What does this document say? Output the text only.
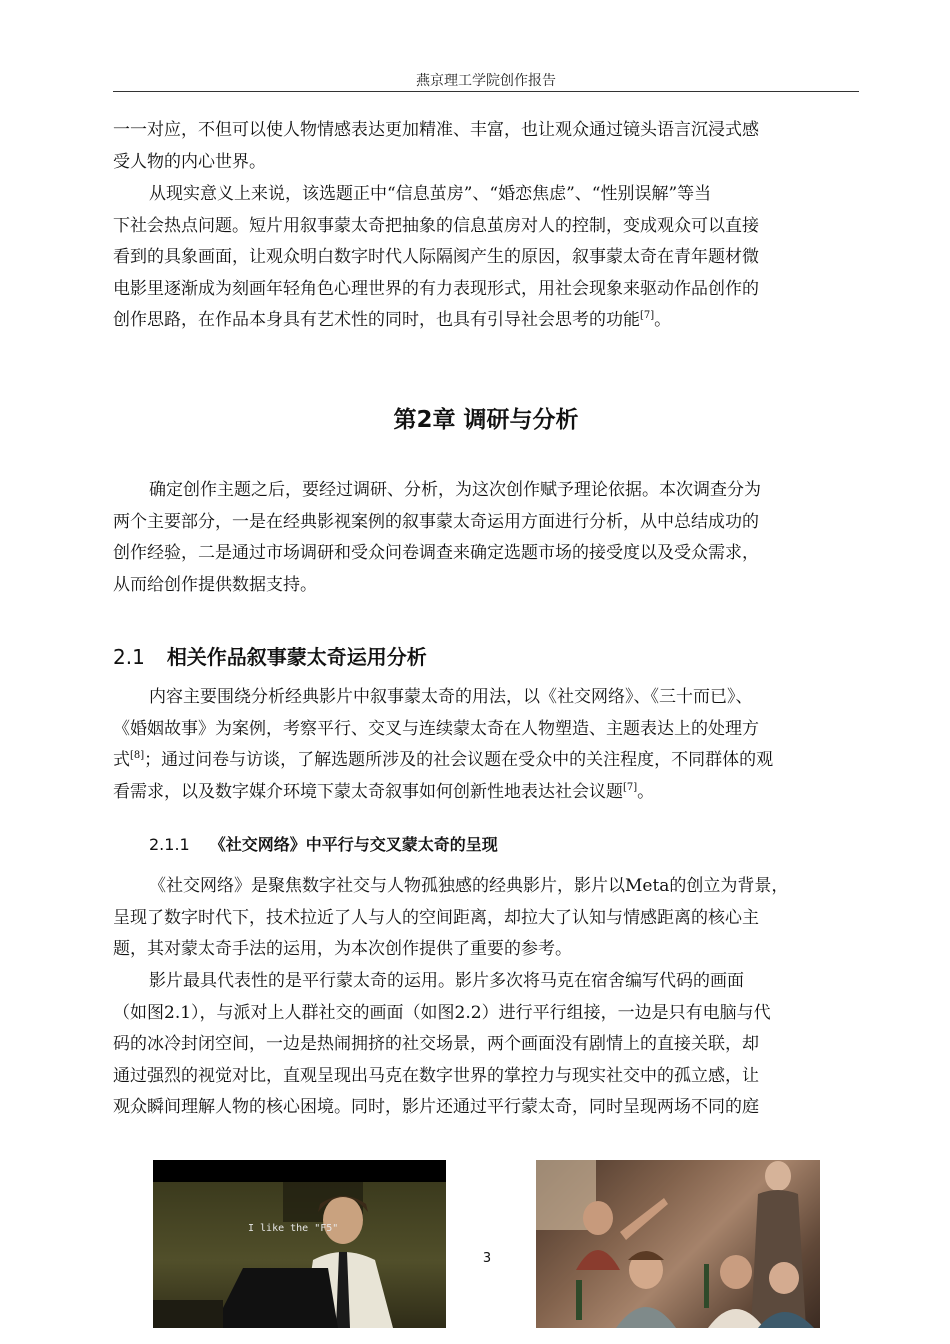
燕京理工学院创作报告
一一对应，不但可以使人物情感表达更加精准、丰富，也让观众通过镜头语言沉浸式感
受人物的内心世界。
从现实意义上来说，该选题正中“信息茧房”、“婚恋焦虑”、“性别误解”等当
下社会热点问题。短片用叙事蒙太奇把抽象的信息茧房对人的控制，变成观众可以直接
看到的具象画面，让观众明白数字时代人际隔阂产生的原因，叙事蒙太奇在青年题材微
电影里逐渐成为刻画年轻角色心理世界的有力表现形式，用社会现象来驱动作品创作的
创作思路，在作品本身具有艺术性的同时，也具有引导社会思考的功能[7]。
第2章 调研与分析
确定创作主题之后，要经过调研、分析，为这次创作赋予理论依据。本次调查分为
两个主要部分，一是在经典影视案例的叙事蒙太奇运用方面进行分析，从中总结成功的
创作经验，二是通过市场调研和受众问卷调查来确定选题市场的接受度以及受众需求，
从而给创作提供数据支持。
2.1 相关作品叙事蒙太奇运用分析
内容主要围绕分析经典影片中叙事蒙太奇的用法，以《社交网络》、《三十而已》、
《婚姻故事》为案例，考察平行、交叉与连续蒙太奇在人物塑造、主题表达上的处理方
式[8]；通过问卷与访谈，了解选题所涉及的社会议题在受众中的关注程度，不同群体的观
看需求，以及数字媒介环境下蒙太奇叙事如何创新性地表达社会议题[7]。
2.1.1 《社交网络》中平行与交叉蒙太奇的呈现
《社交网络》是聚焦数字社交与人物孤独感的经典影片，影片以Meta的创立为背景，
呈现了数字时代下，技术拉近了人与人的空间距离，却拉大了认知与情感距离的核心主
题，其对蒙太奇手法的运用，为本次创作提供了重要的参考。
影片最具代表性的是平行蒙太奇的运用。影片多次将马克在宿舍编写代码的画面
（如图2.1），与派对上人群社交的画面（如图2.2）进行平行组接，一边是只有电脑与代
码的冰冷封闭空间，一边是热闹拥挤的社交场景，两个画面没有剧情上的直接关联，却
通过强烈的视觉对比，直观呈现出马克在数字世界的掌控力与现实社交中的孤立感，让
观众瞬间理解人物的核心困境。同时，影片还通过平行蒙太奇，同时呈现两场不同的庭
I like the "F5"
3
